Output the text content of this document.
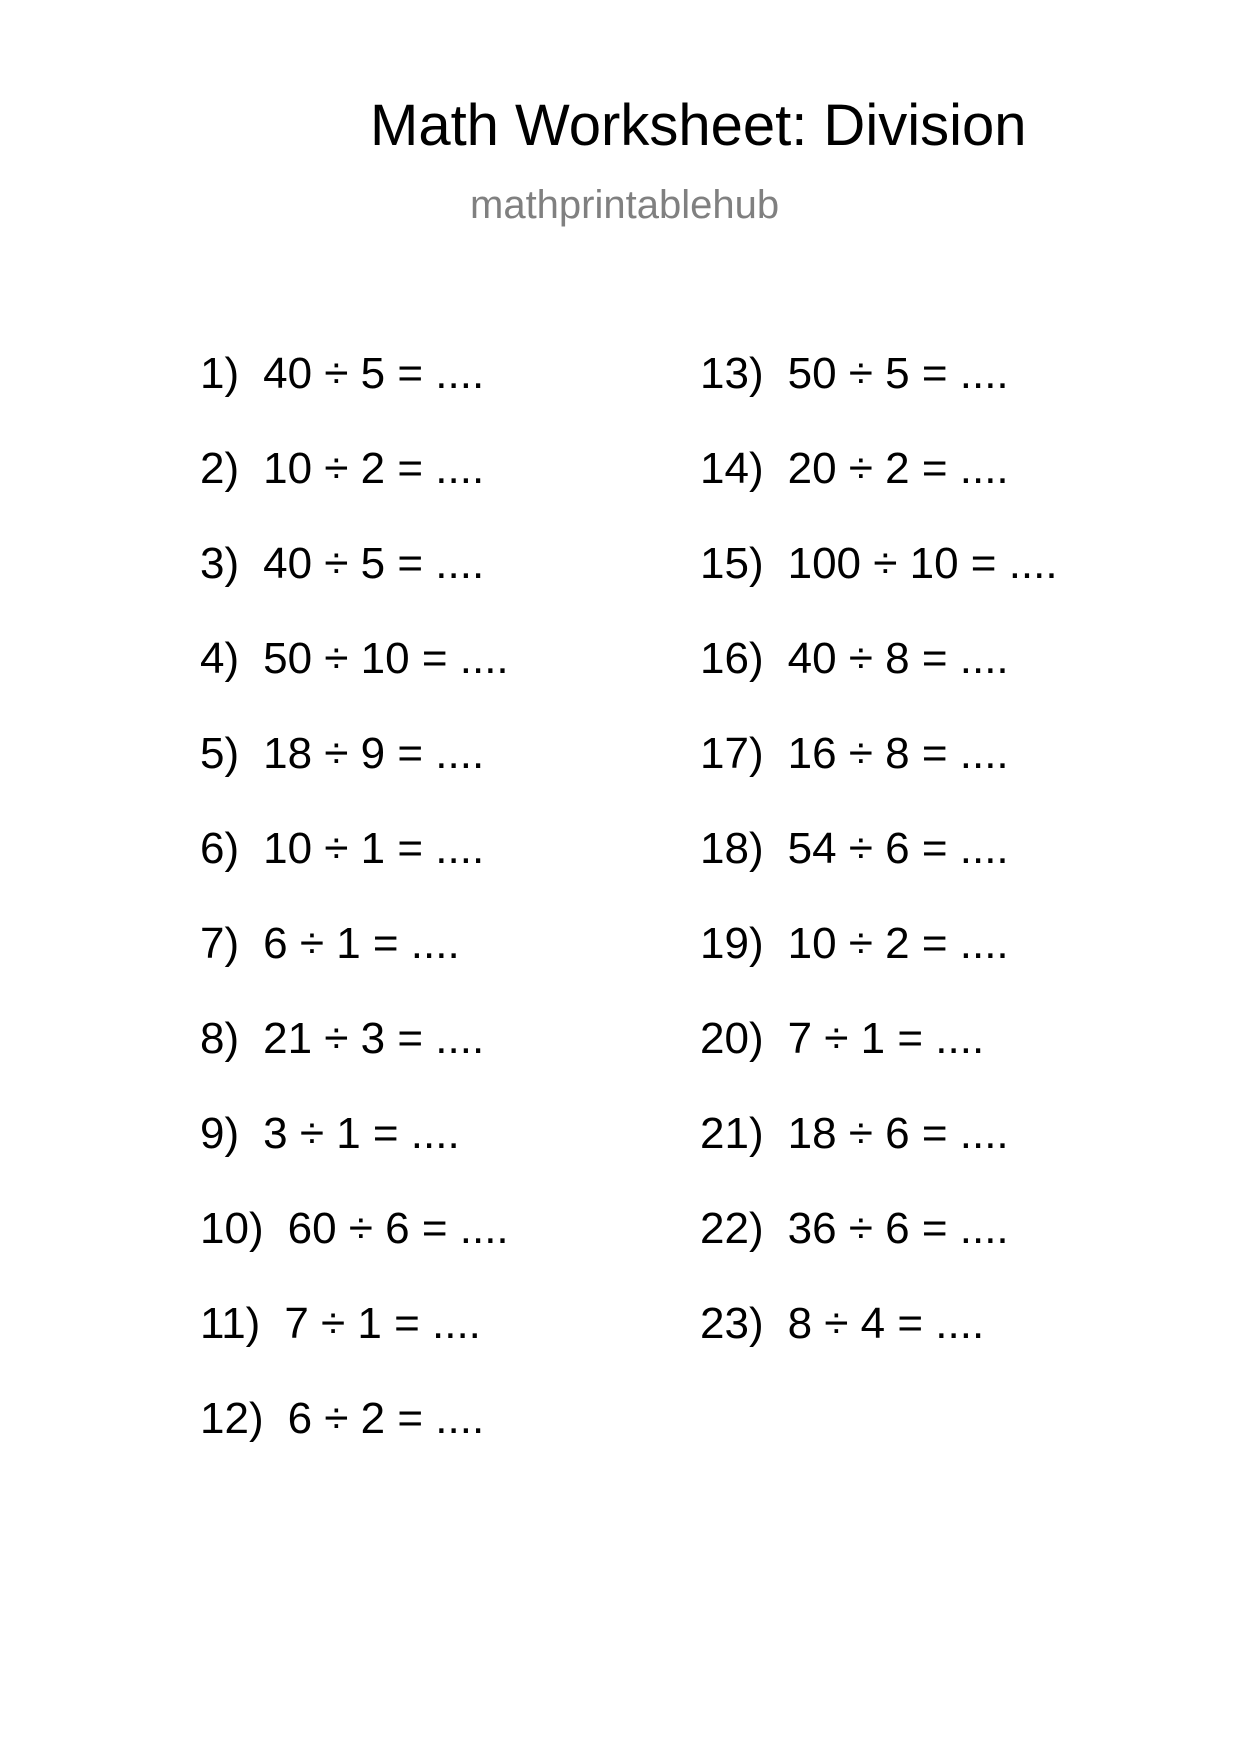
Math Worksheet: Division
mathprintablehub
1) 40 ÷ 5 = ....
2) 10 ÷ 2 = ....
3) 40 ÷ 5 = ....
4) 50 ÷ 10 = ....
5) 18 ÷ 9 = ....
6) 10 ÷ 1 = ....
7) 6 ÷ 1 = ....
8) 21 ÷ 3 = ....
9) 3 ÷ 1 = ....
10) 60 ÷ 6 = ....
11) 7 ÷ 1 = ....
12) 6 ÷ 2 = ....
13) 50 ÷ 5 = ....
14) 20 ÷ 2 = ....
15) 100 ÷ 10 = ....
16) 40 ÷ 8 = ....
17) 16 ÷ 8 = ....
18) 54 ÷ 6 = ....
19) 10 ÷ 2 = ....
20) 7 ÷ 1 = ....
21) 18 ÷ 6 = ....
22) 36 ÷ 6 = ....
23) 8 ÷ 4 = ....
